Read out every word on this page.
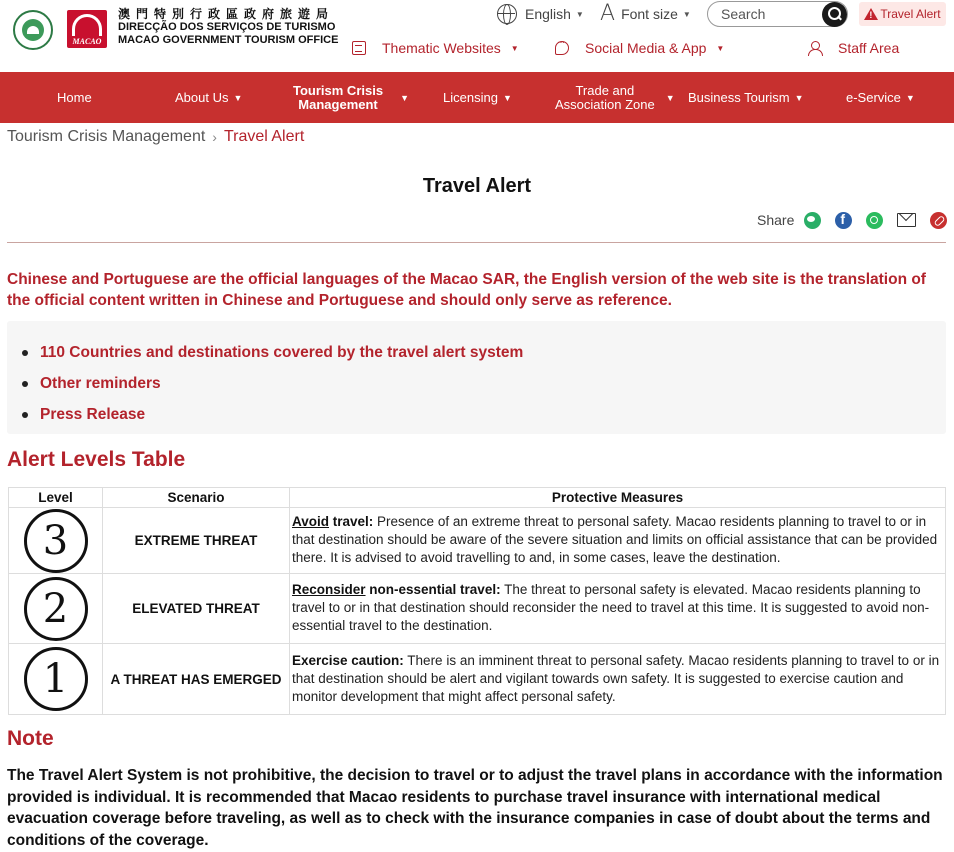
MACAO
澳門特別行政區政府旅遊局
DIRECÇÃO DOS SERVIÇOS DE TURISMO
MACAO GOVERNMENT TOURISM OFFICE
English ▼ A Font size ▼
Search !	Travel Alert
Thematic Websites ▼ ···	Social Media & App ▼	Staff Area
Home	About Us ▼	Tourism Crisis
Management	▼	Licensing ▼	Trade and
Association Zone ▼ Business Tourism ▼	e-Service ▼
Tourism Crisis Management › Travel Alert
Travel Alert
Share
f
Chinese and Portuguese are the official languages of the Macao SAR, the English version of the web site is the translation of the official content written in Chinese and Portuguese and should only serve as reference.
110 Countries and destinations covered by the travel alert system
Other reminders
Press Release
Alert Levels Table
Level	Scenario	Protective Measures

3	EXTREME THREAT	Avoid travel: Presence of an extreme threat to personal safety. Macao residents planning to travel to or in that destination should be aware of the severe situation and limits on official assistance that can be provided there. It is advised to avoid travelling to and, in some cases, leave the destination.

2	ELEVATED THREAT	Reconsider non-essential travel: The threat to personal safety is elevated. Macao residents planning to travel to or in that destination should reconsider the need to travel at this time. It is suggested to avoid non-essential travel to the destination.

1	A THREAT HAS EMERGED	Exercise caution: There is an imminent threat to personal safety. Macao residents planning to travel to or in that destination should be alert and vigilant towards own safety. It is suggested to exercise caution and monitor development that might affect personal safety.
Note
The Travel Alert System is not prohibitive, the decision to travel or to adjust the travel plans in accordance with the information provided is individual. It is recommended that Macao residents to purchase travel insurance with international medical evacuation coverage before traveling, as well as to check with the insurance companies in case of doubt about the terms and conditions of the coverage.
